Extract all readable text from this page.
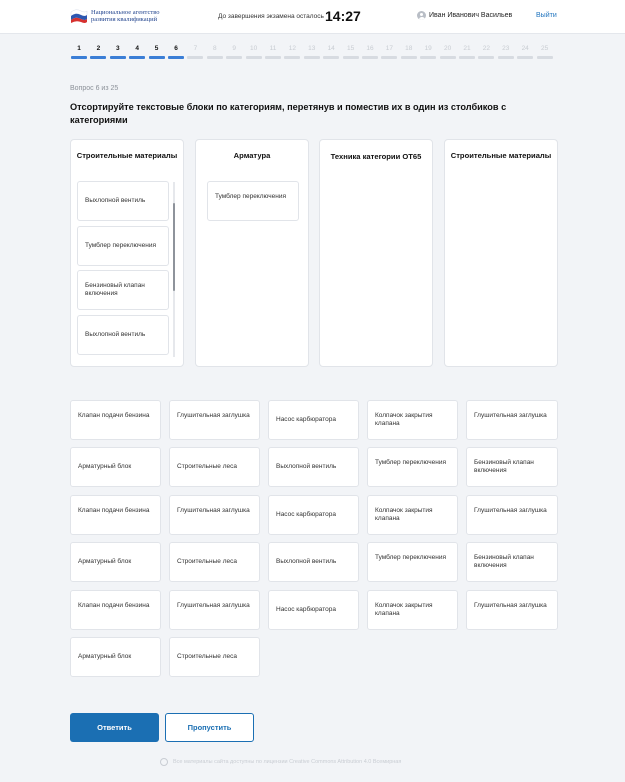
Национальное агентство
развития квалификаций	До завершения экзамена осталось 14:27	Иван Иванович Васильев	Выйти
1	2	3	4	5	6	7	8	9	10	11	12	13	14	15	16	17	18	19	20	21	22	23	24	25
Вопрос 6 из 25
Отсортируйте текстовые блоки по категориям, перетянув и поместив их в один из столбиков с категориями
Строительные материалы	Арматура	Техника категории ОТ65	Строительные материалы
Выхлопной вентиль
Тумблер переключения
Бензиновый клапан включения
Выхлопной вентиль
Тумблер переключения
Клапан подачи бензина	Глушительная заглушка
Насос карбюратора
Колпачок закрытия клапана
Глушительная заглушка
Арматурный блок	Строительные леса	Выхлопной вентиль
Тумблер переключения	Бензиновый клапан включения
Клапан подачи бензина	Глушительная заглушка
Насос карбюратора
Колпачок закрытия клапана
Глушительная заглушка
Арматурный блок	Строительные леса	Выхлопной вентиль
Тумблер переключения	Бензиновый клапан включения
Клапан подачи бензина	Глушительная заглушка
Насос карбюратора
Колпачок закрытия клапана
Глушительная заглушка
Арматурный блок	Строительные леса
Ответить	Пропустить
Все материалы сайта доступны по лицензии Creative Commons Attribution 4.0 Всемирная
